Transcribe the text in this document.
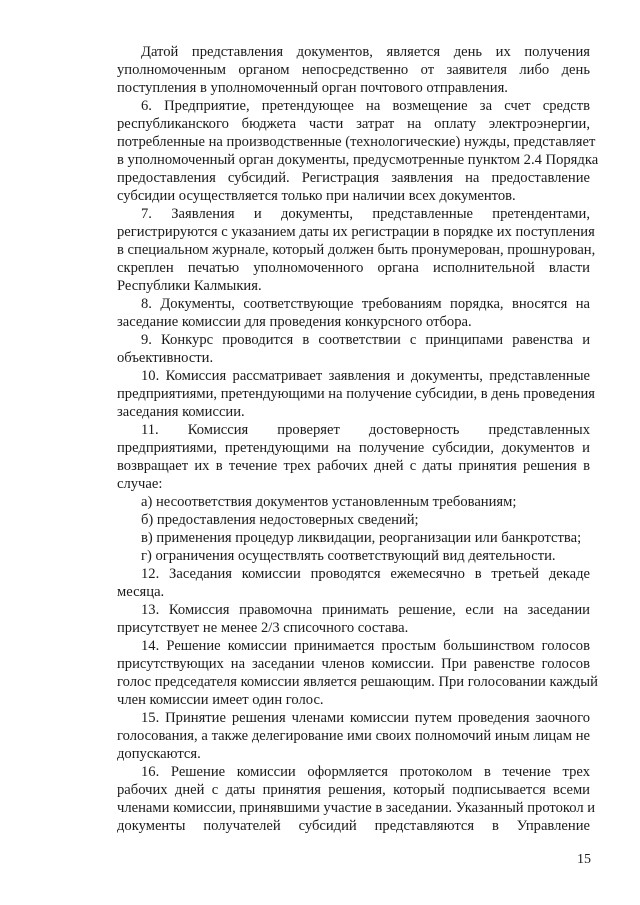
Датой представления документов, является день их получения
уполномоченным органом непосредственно от заявителя либо день
поступления в уполномоченный орган почтового отправления.
6. Предприятие, претендующее на возмещение за счет средств
республиканского бюджета части затрат на оплату электроэнергии,
потребленные на производственные (технологические) нужды, представляет
в уполномоченный орган документы, предусмотренные пунктом 2.4 Порядка
предоставления субсидий. Регистрация заявления на предоставление
субсидии осуществляется только при наличии всех документов.
7. Заявления и документы, представленные претендентами,
регистрируются с указанием даты их регистрации в порядке их поступления
в специальном журнале, который должен быть пронумерован, прошнурован,
скреплен печатью уполномоченного органа исполнительной власти
Республики Калмыкия.
8. Документы, соответствующие требованиям порядка, вносятся на
заседание комиссии для проведения конкурсного отбора.
9. Конкурс проводится в соответствии с принципами равенства и
объективности.
10. Комиссия рассматривает заявления и документы, представленные
предприятиями, претендующими на получение субсидии, в день проведения
заседания комиссии.
11. Комиссия проверяет достоверность представленных
предприятиями, претендующими на получение субсидии, документов и
возвращает их в течение трех рабочих дней с даты принятия решения в
случае:
а) несоответствия документов установленным требованиям;
б) предоставления недостоверных сведений;
в) применения процедур ликвидации, реорганизации или банкротства;
г) ограничения осуществлять соответствующий вид деятельности.
12. Заседания комиссии проводятся ежемесячно в третьей декаде
месяца.
13. Комиссия правомочна принимать решение, если на заседании
присутствует не менее 2/3 списочного состава.
14. Решение комиссии принимается простым большинством голосов
присутствующих на заседании членов комиссии. При равенстве голосов
голос председателя комиссии является решающим. При голосовании каждый
член комиссии имеет один голос.
15. Принятие решения членами комиссии путем проведения заочного
голосования, а также делегирование ими своих полномочий иным лицам не
допускаются.
16. Решение комиссии оформляется протоколом в течение трех
рабочих дней с даты принятия решения, который подписывается всеми
членами комиссии, принявшими участие в заседании. Указанный протокол и
документы получателей субсидий представляются в Управление
15
